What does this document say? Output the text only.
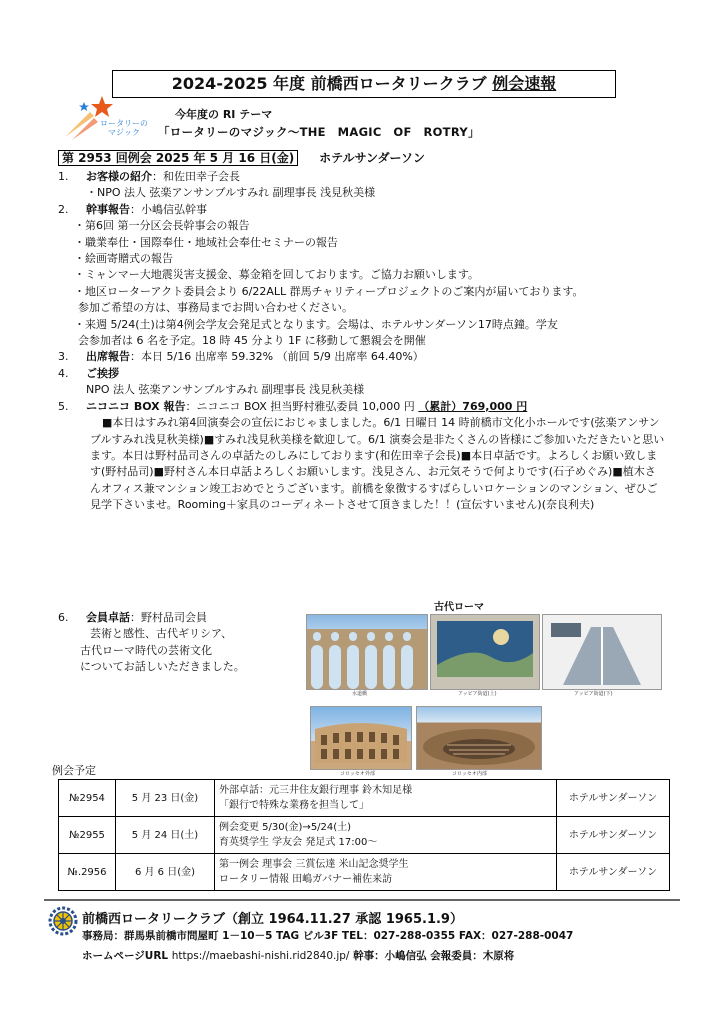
2024-2025 年度 前橋西ロータリークラブ 例会速報
ロータリーの
マジック
今年度の RI テーマ
「ロータリーのマジック～THE　MAGIC　OF　ROTRY」
第 2953 回例会 2025 年 5 月 16 日(金) ホテルサンダーソン
1. お客様の紹介：和佐田幸子会長
・NPO 法人 弦楽アンサンブルすみれ 副理事長 浅見秋美様
2. 幹事報告：小嶋信弘幹事
・第6回 第一分区会長幹事会の報告
・職業奉仕・国際奉仕・地域社会奉仕セミナーの報告
・絵画寄贈式の報告
・ミャンマー大地震災害支援金、募金箱を回しております。ご協力お願いします。
・地区ローターアクト委員会より 6/22ALL 群馬チャリティープロジェクトのご案内が届いております。
参加ご希望の方は、事務局までお問い合わせください。
・来週 5/24(土)は第4例会学友会発足式となります。会場は、ホテルサンダーソン17時点鐘。学友
会参加者は 6 名を予定。18 時 45 分より 1F に移動して懇親会を開催
3. 出席報告：本日 5/16 出席率 59.32% （前回 5/9 出席率 64.40%）
4. ご挨拶
NPO 法人 弦楽アンサンブルすみれ 副理事長 浅見秋美様
5. ニコニコ BOX 報告：ニコニコ BOX 担当野村雅弘委員 10,000 円 （累計）769,000 円
■本日はすみれ第4回演奏会の宣伝におじゃましました。6/1 日曜日 14 時前橋市文化小ホールです(弦楽アンサンブルすみれ浅見秋美様)■すみれ浅見秋美様を歓迎して。6/1 演奏会是非たくさんの皆様にご参加いただきたいと思います。本日は野村品司さんの卓話たのしみにしております(和佐田幸子会長)■本日卓話です。よろしくお願い致します(野村品司)■野村さん本日卓話よろしくお願いします。浅見さん、お元気そうで何よりです(石子めぐみ)■植木さんオフィス兼マンション竣工おめでとうございます。前橋を象徴するすばらしいロケーションのマンション、ぜひご見学下さいませ。Rooming＋家具のコーディネートさせて頂きました！！(宣伝すいません)(奈良利夫)
6. 会員卓話：野村品司会員
芸術と感性、古代ギリシア、
古代ローマ時代の芸術文化
についてお話しいただきました。
古代ローマ
水道橋	アッピア街道(上)	アッピア街道(下)
コロッセオ外部	コロッセオ内部
例会予定
№2954	5 月 23 日(金)	外部卓話：元三井住友銀行理事 鈴木知足様
「銀行で特殊な業務を担当して」	ホテルサンダーソン
№2955	5 月 24 日(土)	例会変更 5/30(金)→5/24(土)
育英奨学生 学友会 発足式 17:00～	ホテルサンダーソン
№.2956	6 月 6 日(金)	第一例会 理事会 三賞伝達 米山記念奨学生
ロータリー情報 田嶋ガバナー補佐来訪	ホテルサンダーソン
前橋西ロータリークラブ（創立 1964.11.27 承認 1965.1.9）
事務局：群馬県前橋市問屋町 1－10－5 TAG ビル3F TEL：027-288-0355 FAX：027-288-0047
ホームページURL https://maebashi-nishi.rid2840.jp/ 幹事：小嶋信弘 会報委員：木原将
